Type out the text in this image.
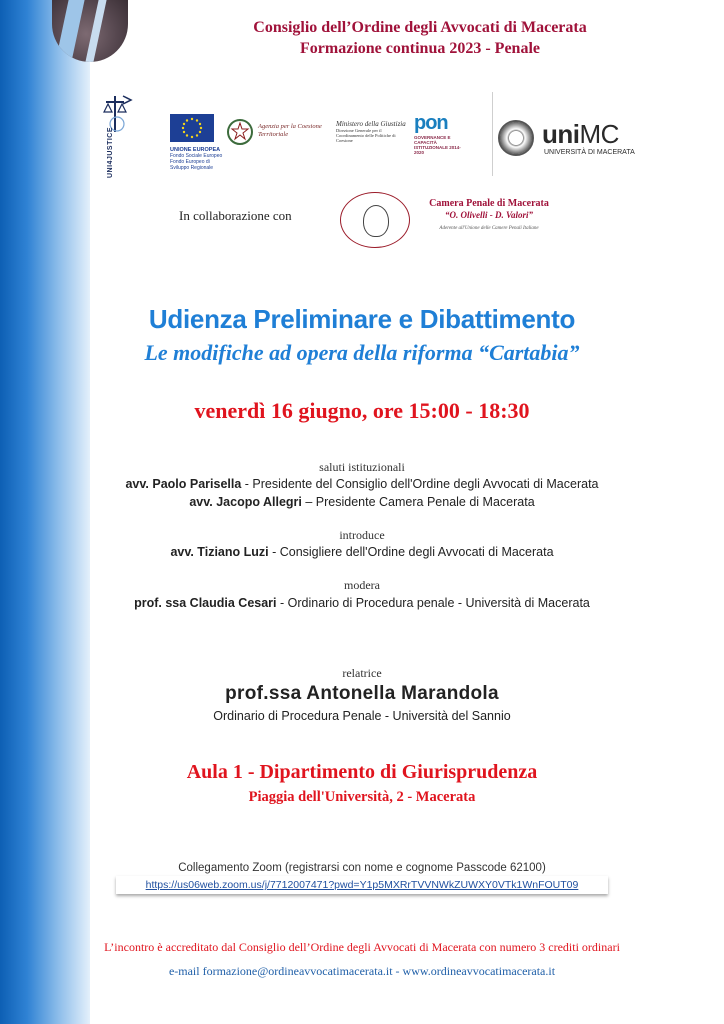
Consiglio dell’Ordine degli Avvocati di Macerata
Formazione continua 2023 - Penale
UNI4JUSTICE	UNIONE EUROPEA
Fondo Sociale Europeo Fondo Europeo di Sviluppo Regionale
Agenzia per la Coesione Territoriale
Ministero della Giustizia
Direzione Generale per il Coordinamento delle Politiche di Coesione
pon
GOVERNANCE E CAPACITÀ ISTITUZIONALE 2014-2020
uniMC
UNIVERSITÀ DI MACERATA
In collaborazione con
Camera Penale di Macerata
“O. Olivelli - D. Valori”
Aderente all'Unione delle Camere Penali Italiane
Udienza Preliminare e Dibattimento
Le modifiche ad opera della riforma “Cartabia”
venerdì 16 giugno, ore 15:00 - 18:30
saluti istituzionali
avv. Paolo Parisella - Presidente del Consiglio dell'Ordine degli Avvocati di Macerata
avv. Jacopo Allegri – Presidente Camera Penale di Macerata
introduce
avv. Tiziano Luzi - Consigliere dell'Ordine degli Avvocati di Macerata
modera
prof. ssa Claudia Cesari - Ordinario di Procedura penale - Università di Macerata
relatrice
prof.ssa Antonella Marandola
Ordinario di Procedura Penale - Università del Sannio
Aula 1 - Dipartimento di Giurisprudenza
Piaggia dell'Università, 2 - Macerata
Collegamento Zoom (registrarsi con nome e cognome Passcode 62100)
https://us06web.zoom.us/j/7712007471?pwd=Y1p5MXRrTVVNWkZUWXY0VTk1WnFOUT09
L’incontro è accreditato dal Consiglio dell’Ordine degli Avvocati di Macerata con numero 3 crediti ordinari
e-mail formazione@ordineavvocatimacerata.it - www.ordineavvocatimacerata.it
